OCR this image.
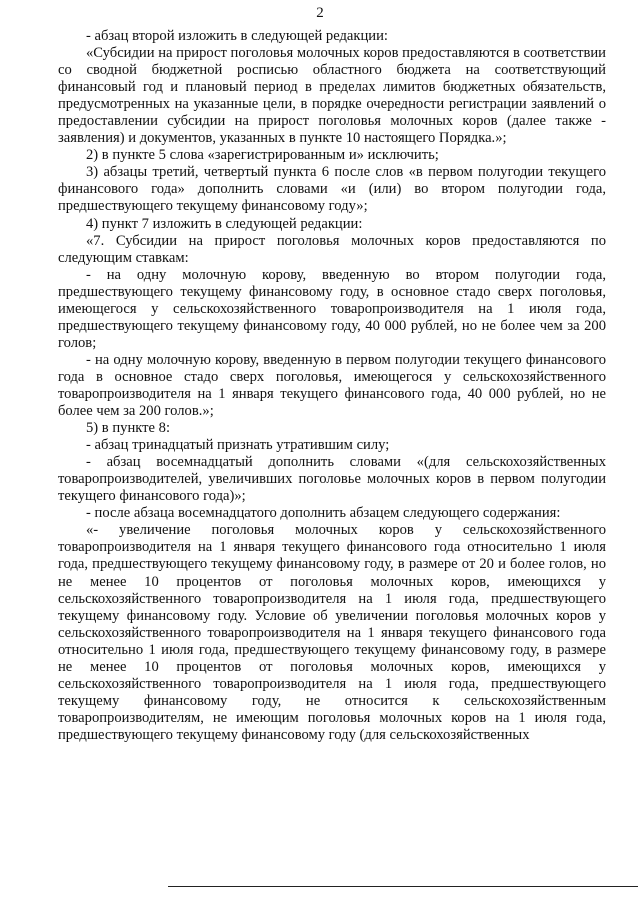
2

- абзац второй изложить в следующей редакции:

«Субсидии на прирост поголовья молочных коров предоставляются в соответствии со сводной бюджетной росписью областного бюджета на соответствующий финансовый год и плановый период в пределах лимитов бюджетных обязательств, предусмотренных на указанные цели, в порядке очередности регистрации заявлений о предоставлении субсидии на прирост поголовья молочных коров (далее также - заявления) и документов, указанных в пункте 10 настоящего Порядка.»;

2) в пункте 5 слова «зарегистрированным и» исключить;

3) абзацы третий, четвертый пункта 6 после слов «в первом полугодии текущего финансового года» дополнить словами «и (или) во втором полугодии года, предшествующего текущему финансовому году»;

4) пункт 7 изложить в следующей редакции:

«7. Субсидии на прирост поголовья молочных коров предоставляются по следующим ставкам:

- на одну молочную корову, введенную во втором полугодии года, предшествующего текущему финансовому году, в основное стадо сверх поголовья, имеющегося у сельскохозяйственного товаропроизводителя на 1 июля года, предшествующего текущему финансовому году, 40 000 рублей, но не более чем за 200 голов;

- на одну молочную корову, введенную в первом полугодии текущего финансового года в основное стадо сверх поголовья, имеющегося у сельскохозяйственного товаропроизводителя на 1 января текущего финансового года, 40 000 рублей, но не более чем за 200 голов.»;

5) в пункте 8:

- абзац тринадцатый признать утратившим силу;

- абзац восемнадцатый дополнить словами «(для сельскохозяйственных товаропроизводителей, увеличивших поголовье молочных коров в первом полугодии текущего финансового года)»;

- после абзаца восемнадцатого дополнить абзацем следующего содержания:

«- увеличение поголовья молочных коров у сельскохозяйственного товаропроизводителя на 1 января текущего финансового года относительно 1 июля года, предшествующего текущему финансовому году, в размере от 20 и более голов, но не менее 10 процентов от поголовья молочных коров, имеющихся у сельскохозяйственного товаропроизводителя на 1 июля года, предшествующего текущему финансовому году. Условие об увеличении поголовья молочных коров у сельскохозяйственного товаропроизводителя на 1 января текущего финансового года относительно 1 июля года, предшествующего текущему финансовому году, в размере не менее 10 процентов от поголовья молочных коров, имеющихся у сельскохозяйственного товаропроизводителя на 1 июля года, предшествующего текущему финансовому году, не относится к сельскохозяйственным товаропроизводителям, не имеющим поголовья молочных коров на 1 июля года, предшествующего текущему финансовому году (для сельскохозяйственных
